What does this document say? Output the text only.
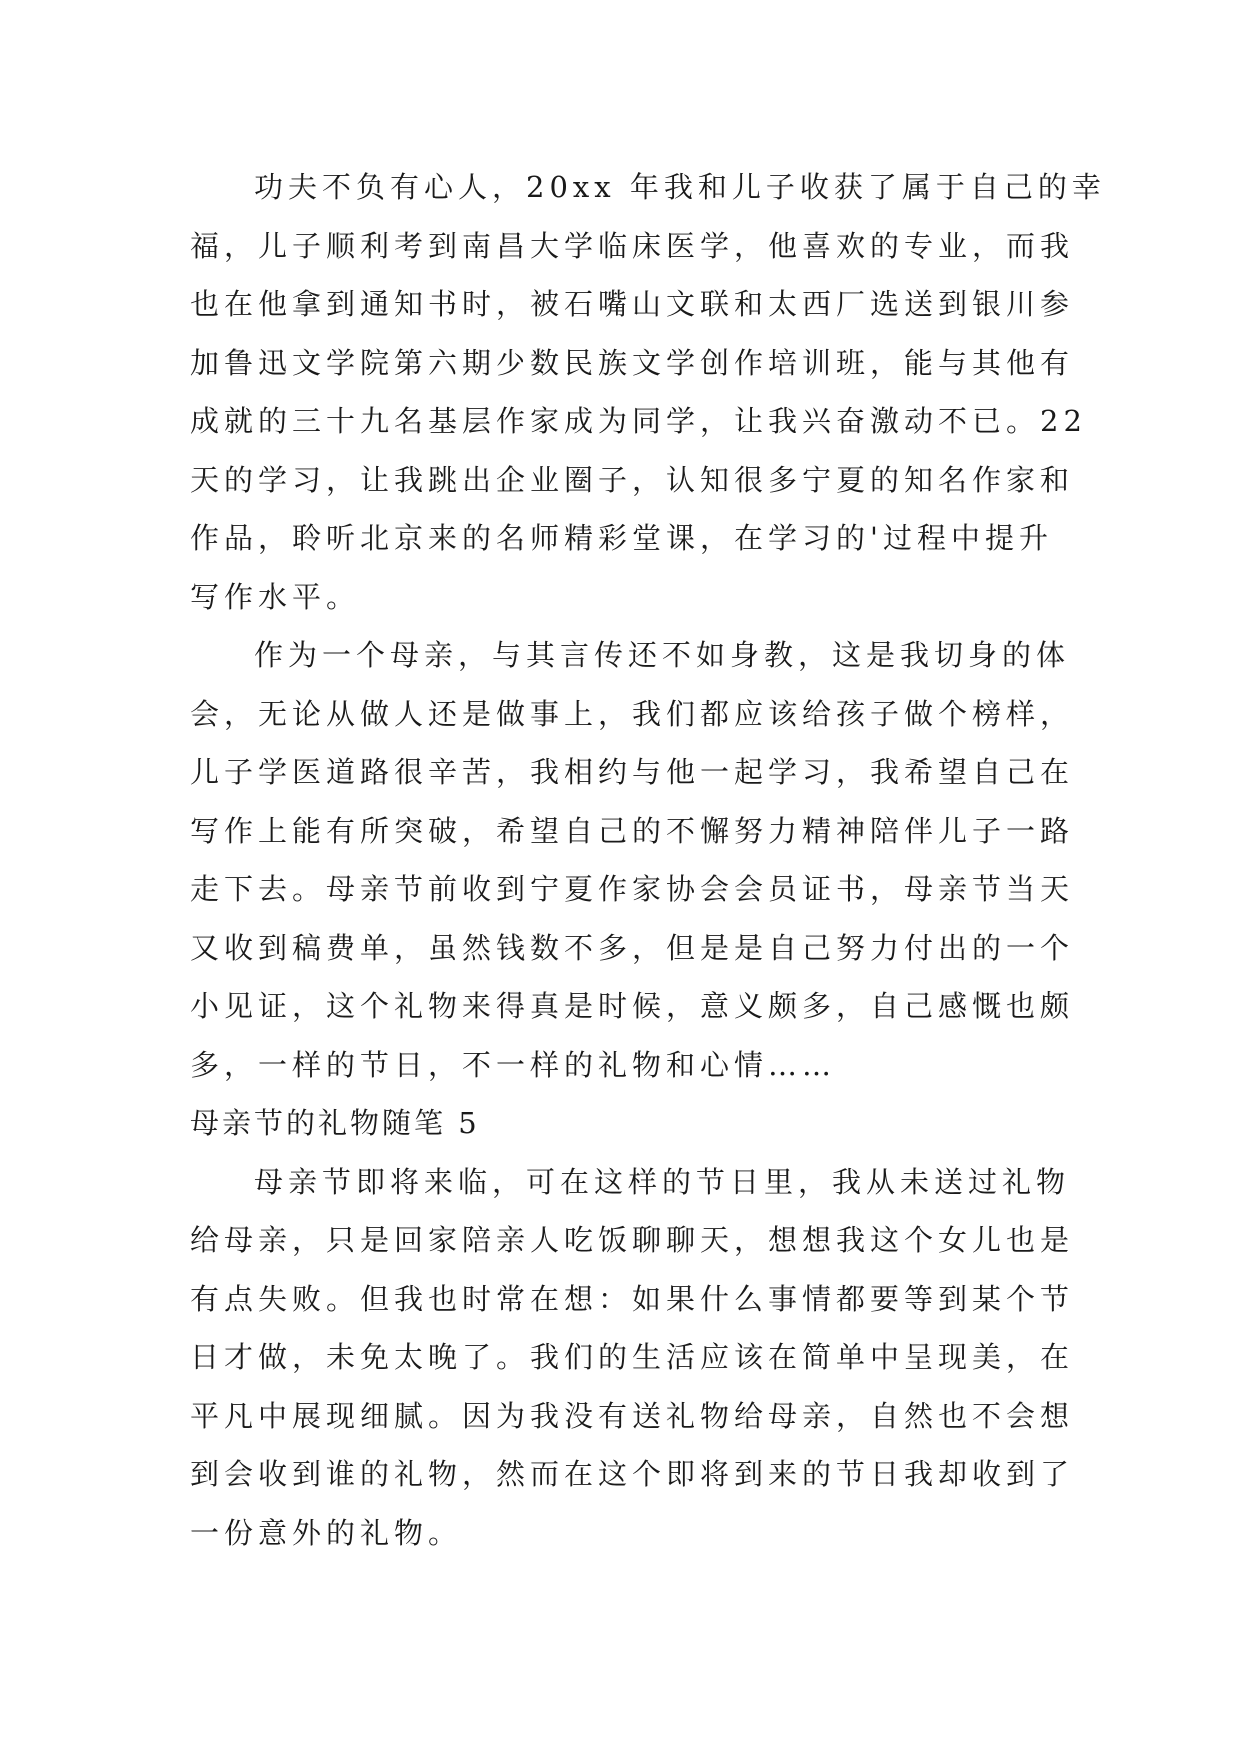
功夫不负有心人，20xx 年我和儿子收获了属于自己的幸
福，儿子顺利考到南昌大学临床医学，他喜欢的专业，而我
也在他拿到通知书时，被石嘴山文联和太西厂选送到银川参
加鲁迅文学院第六期少数民族文学创作培训班，能与其他有
成就的三十九名基层作家成为同学，让我兴奋激动不已。22
天的学习，让我跳出企业圈子，认知很多宁夏的知名作家和
作品，聆听北京来的名师精彩堂课，在学习的'过程中提升
写作水平。
作为一个母亲，与其言传还不如身教，这是我切身的体
会，无论从做人还是做事上，我们都应该给孩子做个榜样，
儿子学医道路很辛苦，我相约与他一起学习，我希望自己在
写作上能有所突破，希望自己的不懈努力精神陪伴儿子一路
走下去。母亲节前收到宁夏作家协会会员证书，母亲节当天
又收到稿费单，虽然钱数不多，但是是自己努力付出的一个
小见证，这个礼物来得真是时候，意义颇多，自己感慨也颇
多，一样的节日，不一样的礼物和心情……
母亲节的礼物随笔 5
母亲节即将来临，可在这样的节日里，我从未送过礼物
给母亲，只是回家陪亲人吃饭聊聊天，想想我这个女儿也是
有点失败。但我也时常在想：如果什么事情都要等到某个节
日才做，未免太晚了。我们的生活应该在简单中呈现美，在
平凡中展现细腻。因为我没有送礼物给母亲，自然也不会想
到会收到谁的礼物，然而在这个即将到来的节日我却收到了
一份意外的礼物。
